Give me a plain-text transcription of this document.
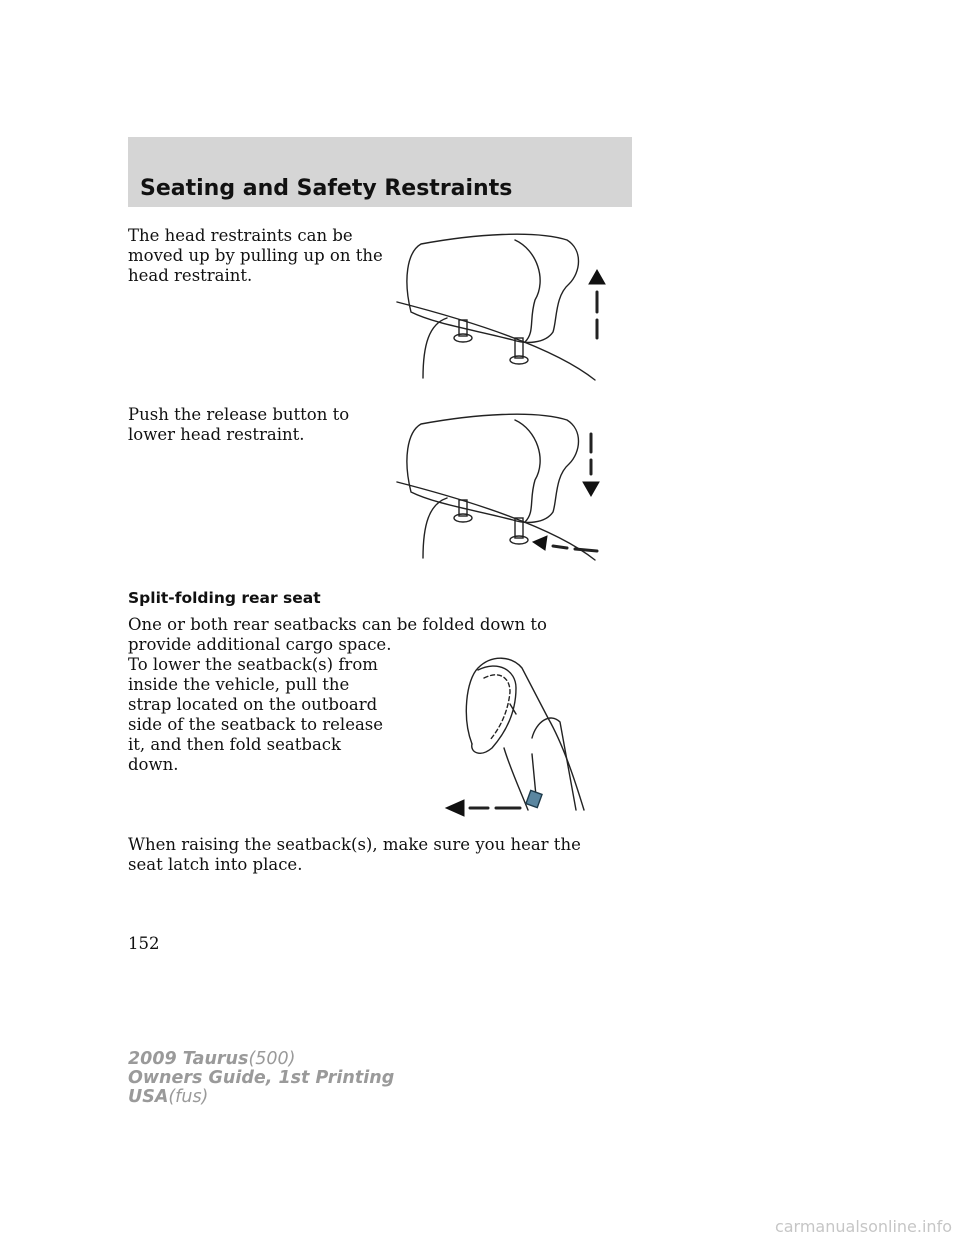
Seating and Safety Restraints
The head restraints can be moved up by pulling up on the head restraint.
Push the release button to lower head restraint.
Split-folding rear seat
One or both rear seatbacks can be folded down to provide additional cargo space.
To lower the seatback(s) from inside the vehicle, pull the strap located on the outboard side of the seatback to release it, and then fold seatback down.
When raising the seatback(s), make sure you hear the seat latch into place.
152
2009 Taurus(500)
Owners Guide, 1st Printing
USA(fus)
carmanualsonline.info
